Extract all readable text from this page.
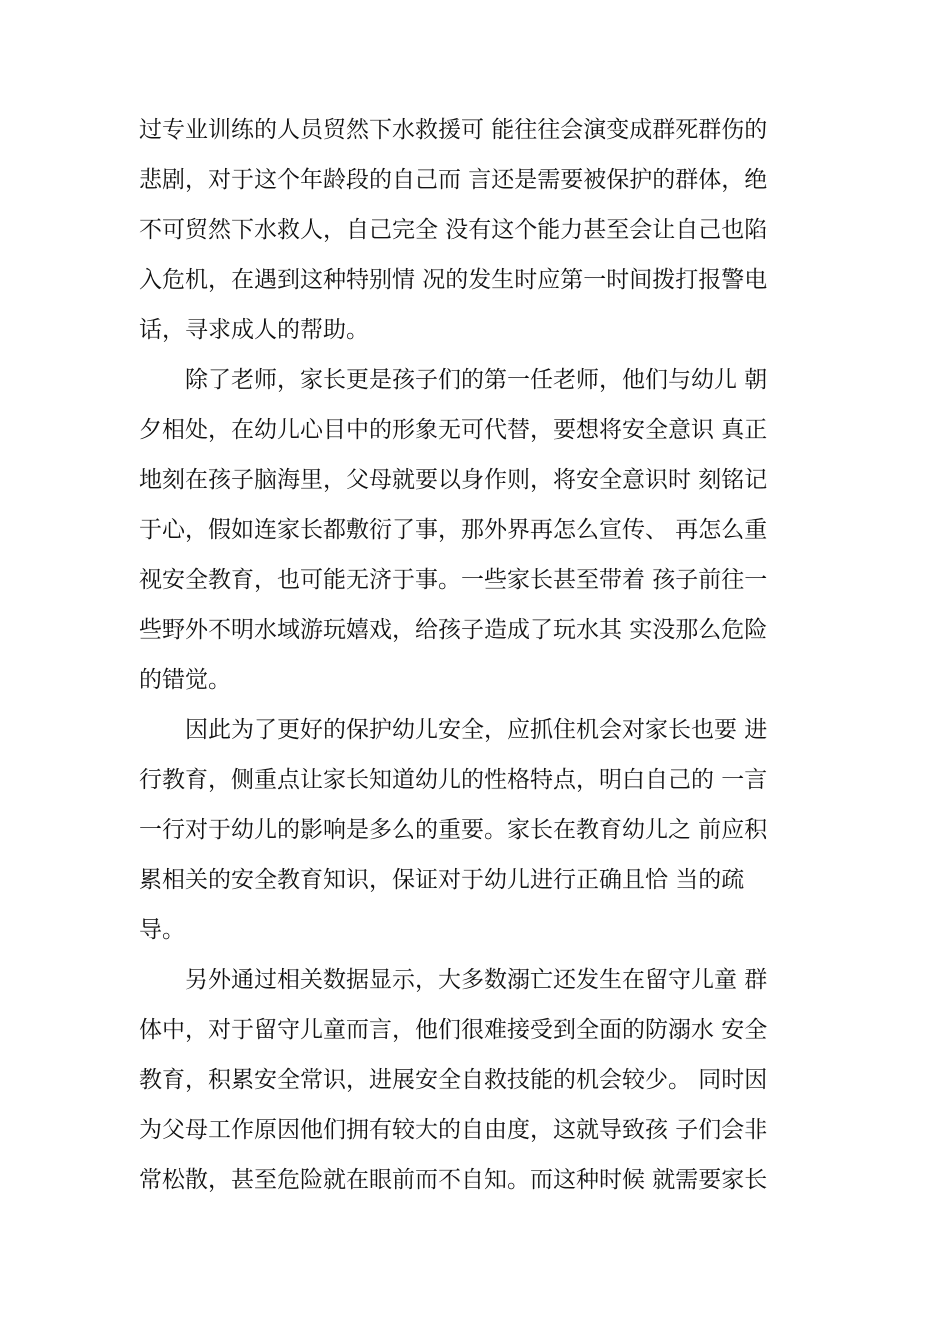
过专业训练的人员贸然下水救援可 能往往会演变成群死群伤的
悲剧，对于这个年龄段的自己而 言还是需要被保护的群体，绝
不可贸然下水救人，自己完全 没有这个能力甚至会让自己也陷
入危机，在遇到这种特别情 况的发生时应第一时间拨打报警电
话，寻求成人的帮助。
除了老师，家长更是孩子们的第一任老师，他们与幼儿 朝
夕相处，在幼儿心目中的形象无可代替，要想将安全意识 真正
地刻在孩子脑海里，父母就要以身作则，将安全意识时 刻铭记
于心，假如连家长都敷衍了事，那外界再怎么宣传、 再怎么重
视安全教育，也可能无济于事。一些家长甚至带着 孩子前往一
些野外不明水域游玩嬉戏，给孩子造成了玩水其 实没那么危险
的错觉。
因此为了更好的保护幼儿安全，应抓住机会对家长也要 进
行教育，侧重点让家长知道幼儿的性格特点，明白自己的 一言
一行对于幼儿的影响是多么的重要。家长在教育幼儿之 前应积
累相关的安全教育知识，保证对于幼儿进行正确且恰 当的疏
导。
另外通过相关数据显示，大多数溺亡还发生在留守儿童 群
体中，对于留守儿童而言，他们很难接受到全面的防溺水 安全
教育，积累安全常识，进展安全自救技能的机会较少。 同时因
为父母工作原因他们拥有较大的自由度，这就导致孩 子们会非
常松散，甚至危险就在眼前而不自知。而这种时候 就需要家长
